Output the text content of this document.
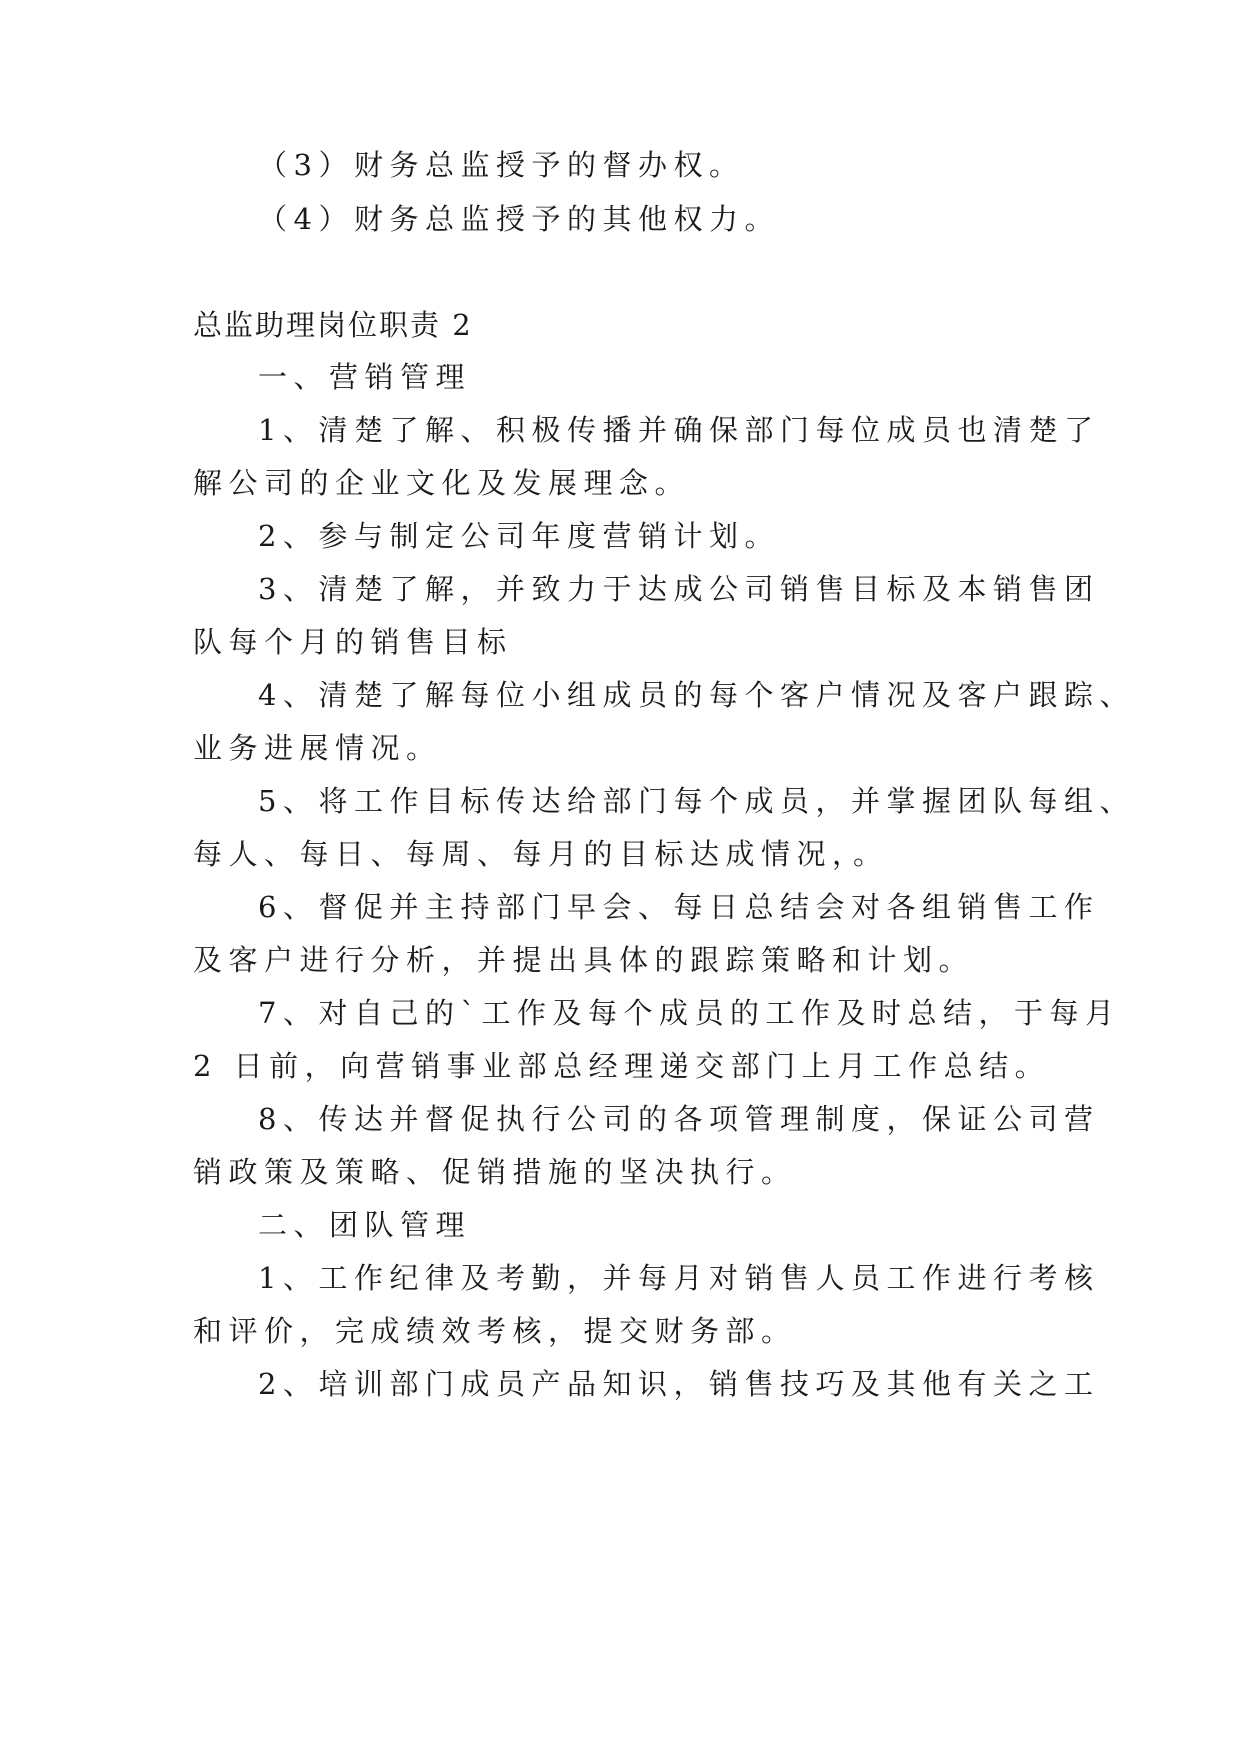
（3）财务总监授予的督办权。
（4）财务总监授予的其他权力。
总监助理岗位职责 2
一、营销管理
1、清楚了解、积极传播并确保部门每位成员也清楚了
解公司的企业文化及发展理念。
2、参与制定公司年度营销计划。
3、清楚了解，并致力于达成公司销售目标及本销售团
队每个月的销售目标
4、清楚了解每位小组成员的每个客户情况及客户跟踪、
业务进展情况。
5、将工作目标传达给部门每个成员，并掌握团队每组、
每人、每日、每周、每月的目标达成情况，。
6、督促并主持部门早会、每日总结会对各组销售工作
及客户进行分析，并提出具体的跟踪策略和计划。
7、对自己的`工作及每个成员的工作及时总结，于每月
2 日前，向营销事业部总经理递交部门上月工作总结。
8、传达并督促执行公司的各项管理制度，保证公司营
销政策及策略、促销措施的坚决执行。
二、团队管理
1、工作纪律及考勤，并每月对销售人员工作进行考核
和评价，完成绩效考核，提交财务部。
2、培训部门成员产品知识，销售技巧及其他有关之工
